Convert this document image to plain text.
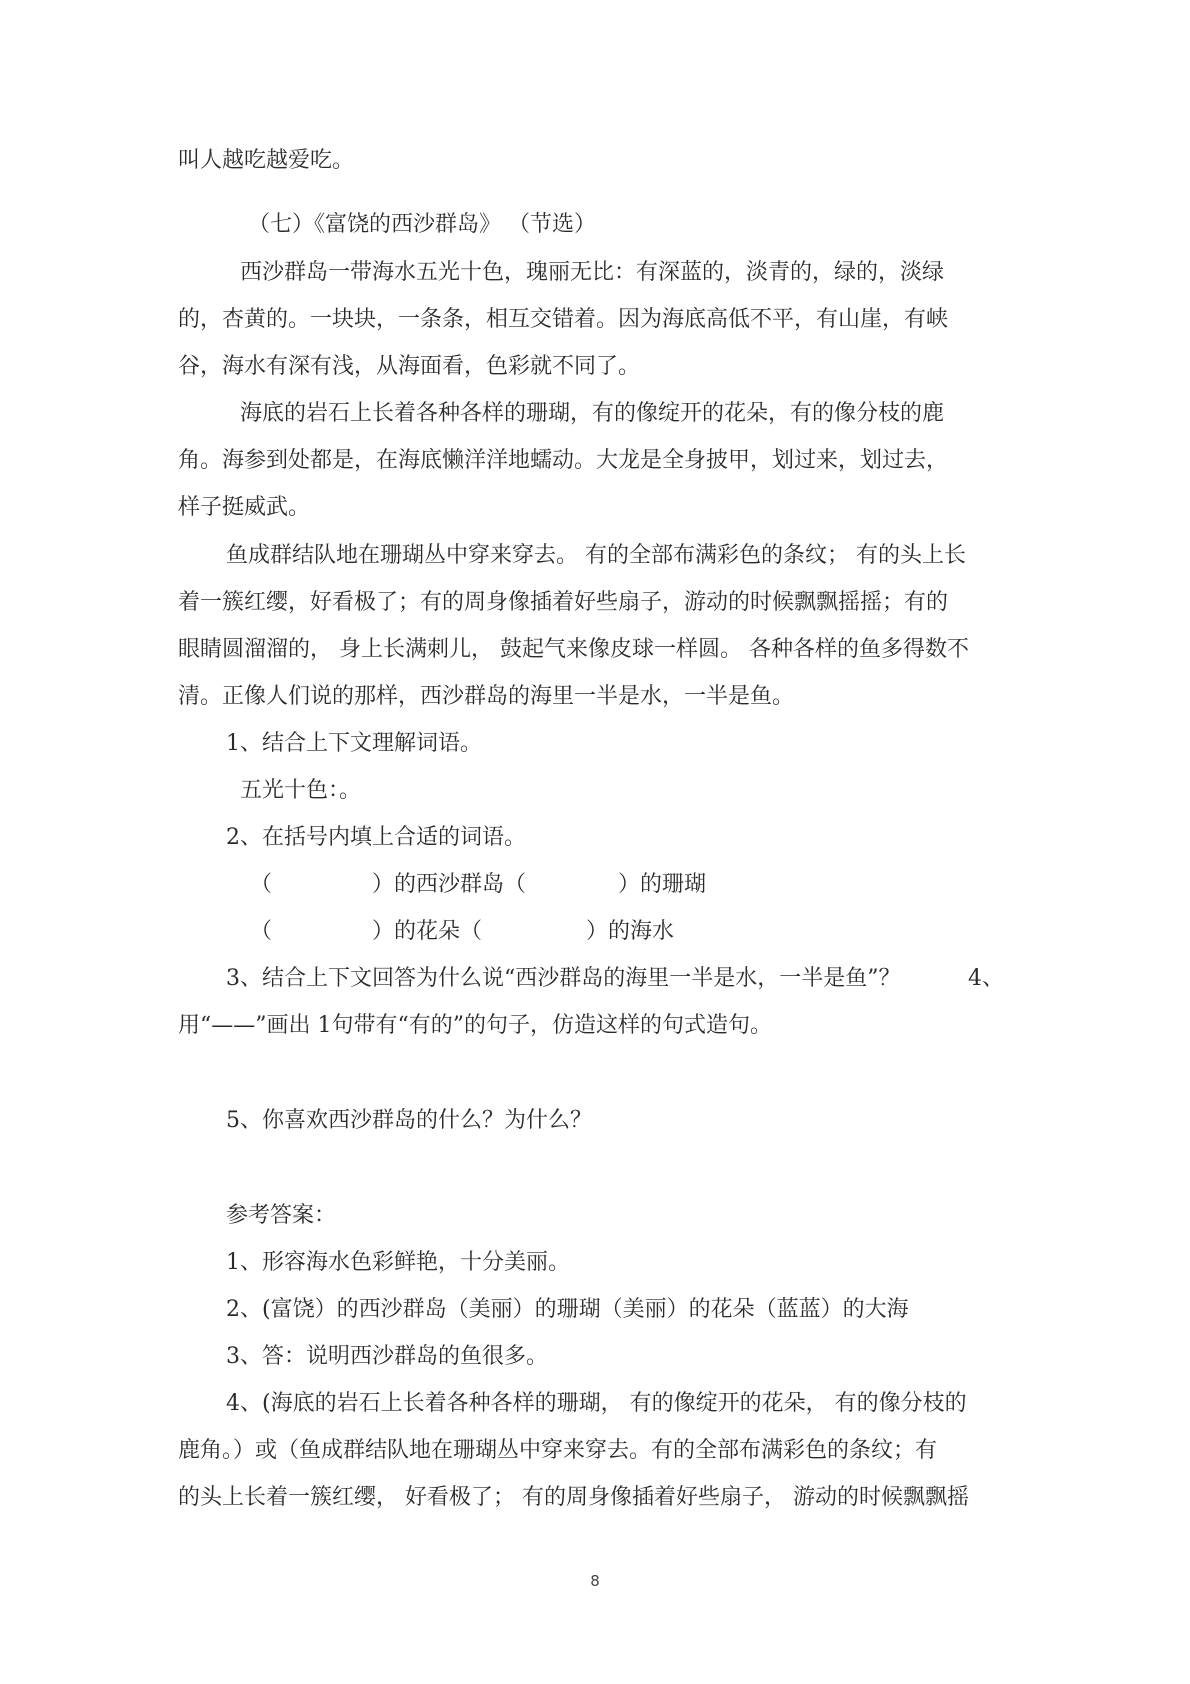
叫人越吃越爱吃。
（七）《富饶的西沙群岛》 （节选）
西沙群岛一带海水五光十色，瑰丽无比：有深蓝的，淡青的，绿的，淡绿
的，杏黄的。一块块，一条条，相互交错着。因为海底高低不平，有山崖，有峡
谷，海水有深有浅，从海面看，色彩就不同了。
海底的岩石上长着各种各样的珊瑚，有的像绽开的花朵，有的像分枝的鹿
角。海参到处都是，在海底懒洋洋地蠕动。大龙是全身披甲，划过来，划过去，
样子挺威武。
鱼成群结队地在珊瑚丛中穿来穿去。 有的全部布满彩色的条纹； 有的头上长
着一簇红缨，好看极了；有的周身像插着好些扇子，游动的时候飘飘摇摇；有的
眼睛圆溜溜的， 身上长满刺儿， 鼓起气来像皮球一样圆。 各种各样的鱼多得数不
清。正像人们说的那样，西沙群岛的海里一半是水，一半是鱼。
1、结合上下文理解词语。
五光十色：。
2、在括号内填上合适的词语。
（	）的西沙群岛（	）的珊瑚
（	）的花朵（	）的海水
3、结合上下文回答为什么说“西沙群岛的海里一半是水，一半是鱼”？	4、
用“——”画出 1句带有“有的”的句子，仿造这样的句式造句。
5、你喜欢西沙群岛的什么？为什么？
参考答案：
1、形容海水色彩鲜艳，十分美丽。
2、(富饶）的西沙群岛（美丽）的珊瑚（美丽）的花朵（蓝蓝）的大海
3、答：说明西沙群岛的鱼很多。
4、(海底的岩石上长着各种各样的珊瑚， 有的像绽开的花朵， 有的像分枝的
鹿角。）或（鱼成群结队地在珊瑚丛中穿来穿去。有的全部布满彩色的条纹；有
的头上长着一簇红缨， 好看极了； 有的周身像插着好些扇子， 游动的时候飘飘摇
8
